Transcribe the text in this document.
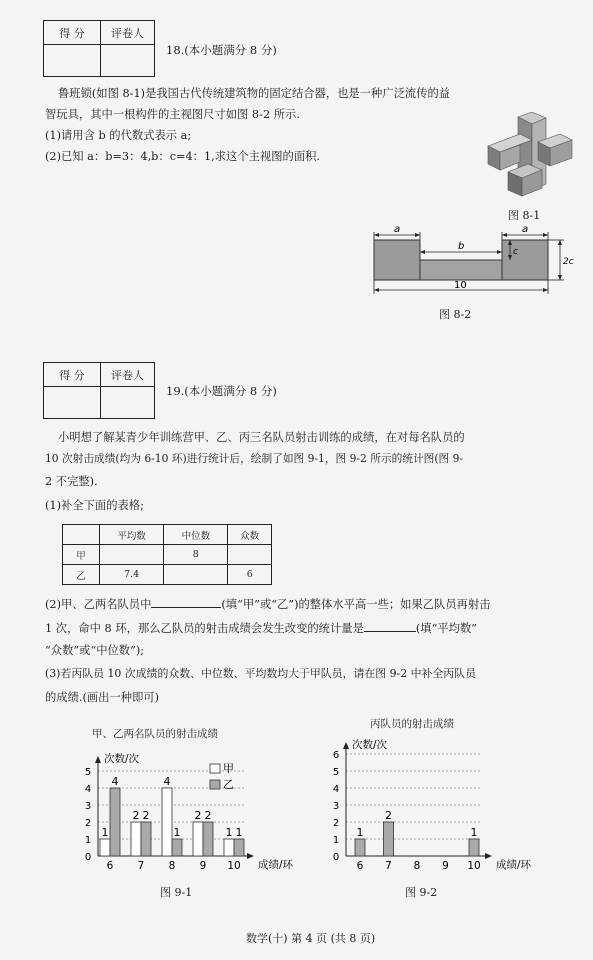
得 分	评卷人

18.(本小题满分 8 分)
鲁班锁(如图 8-1)是我国古代传统建筑物的固定结合器，也是一种广泛流传的益
智玩具，其中一根构件的主视图尺寸如图 8-2 所示.
(1)请用含 b 的代数式表示 a;
(2)已知 a：b=3：4,b：c=4：1,求这个主视图的面积.
图 8-1
a
b
a
c
2c
10
图 8-2
得 分	评卷人

19.(本小题满分 8 分)
小明想了解某青少年训练营甲、乙、丙三名队员射击训练的成绩，在对每名队员的
10 次射击成绩(均为 6-10 环)进行统计后，绘制了如图 9-1，图 9-2 所示的统计图(图 9-
2 不完整).
(1)补全下面的表格;
	平均数	中位数	众数
甲		8	
乙	7.4		6
(2)甲、乙两名队员中	(填“甲”或“乙”)的整体水平高一些；如果乙队员再射击
1 次，命中 8 环，那么乙队员的射击成绩会发生改变的统计量是	(填“平均数”
“众数”或“中位数”);
(3)若丙队员 10 次成绩的众数、中位数、平均数均大于甲队员，请在图 9-2 中补全丙队员
的成绩.(画出一种即可)
甲、乙两名队员的射击成绩
丙队员的射击成绩
0
1
2
3
4
5
次数/次
成绩/环
6 7 8 9 10
1
2
4
2
1
4
2
1
2
1
甲
乙
0
1
2
3
4
5
6
次数/次
成绩/环
6 7 8 9 10
1
2
1
图 9-1	图 9-2
数学(十) 第 4 页 (共 8 页)
